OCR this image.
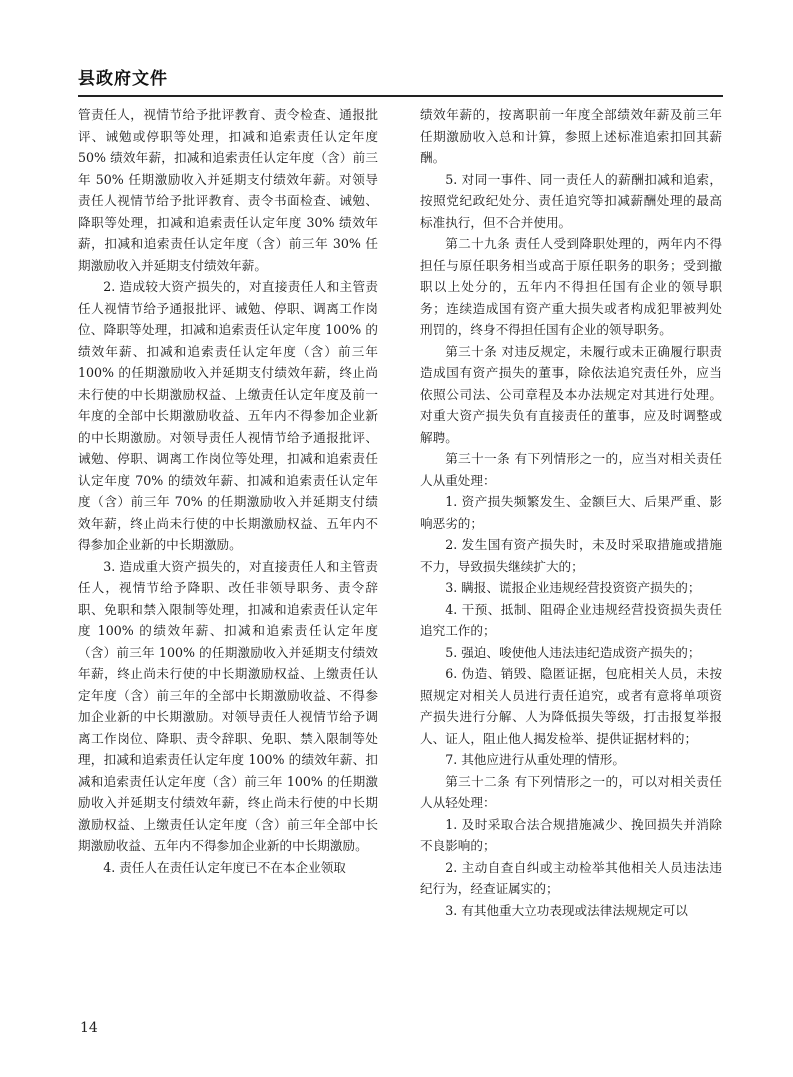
县政府文件

管责任人，视情节给予批评教育、责令检查、通报批评、诫勉或停职等处理，扣减和追索责任认定年度 50% 绩效年薪，扣减和追索责任认定年度（含）前三年 50% 任期激励收入并延期支付绩效年薪。对领导责任人视情节给予批评教育、责令书面检查、诫勉、降职等处理，扣减和追索责任认定年度 30% 绩效年薪，扣减和追索责任认定年度（含）前三年 30% 任期激励收入并延期支付绩效年薪。

2. 造成较大资产损失的，对直接责任人和主管责任人视情节给予通报批评、诫勉、停职、调离工作岗位、降职等处理，扣减和追索责任认定年度 100% 的绩效年薪、扣减和追索责任认定年度（含）前三年 100% 的任期激励收入并延期支付绩效年薪，终止尚未行使的中长期激励权益、上缴责任认定年度及前一年度的全部中长期激励收益、五年内不得参加企业新的中长期激励。对领导责任人视情节给予通报批评、诫勉、停职、调离工作岗位等处理，扣减和追索责任认定年度 70% 的绩效年薪、扣减和追索责任认定年度（含）前三年 70% 的任期激励收入并延期支付绩效年薪，终止尚未行使的中长期激励权益、五年内不得参加企业新的中长期激励。

3. 造成重大资产损失的，对直接责任人和主管责任人，视情节给予降职、改任非领导职务、责令辞职、免职和禁入限制等处理，扣减和追索责任认定年度 100% 的绩效年薪、扣减和追索责任认定年度（含）前三年 100% 的任期激励收入并延期支付绩效年薪，终止尚未行使的中长期激励权益、上缴责任认定年度（含）前三年的全部中长期激励收益、不得参加企业新的中长期激励。对领导责任人视情节给予调离工作岗位、降职、责令辞职、免职、禁入限制等处理，扣减和追索责任认定年度 100% 的绩效年薪、扣减和追索责任认定年度（含）前三年 100% 的任期激励收入并延期支付绩效年薪，终止尚未行使的中长期激励权益、上缴责任认定年度（含）前三年全部中长期激励收益、五年内不得参加企业新的中长期激励。

4. 责任人在责任认定年度已不在本企业领取

绩效年薪的，按离职前一年度全部绩效年薪及前三年任期激励收入总和计算，参照上述标准追索扣回其薪酬。

5. 对同一事件、同一责任人的薪酬扣减和追索，按照党纪政纪处分、责任追究等扣减薪酬处理的最高标准执行，但不合并使用。

第二十九条 责任人受到降职处理的，两年内不得担任与原任职务相当或高于原任职务的职务；受到撤职以上处分的，五年内不得担任国有企业的领导职务；连续造成国有资产重大损失或者构成犯罪被判处刑罚的，终身不得担任国有企业的领导职务。

第三十条 对违反规定，未履行或未正确履行职责造成国有资产损失的董事，除依法追究责任外，应当依照公司法、公司章程及本办法规定对其进行处理。对重大资产损失负有直接责任的董事，应及时调整或解聘。

第三十一条 有下列情形之一的，应当对相关责任人从重处理：

1. 资产损失频繁发生、金额巨大、后果严重、影响恶劣的；

2. 发生国有资产损失时，未及时采取措施或措施不力，导致损失继续扩大的；

3. 瞒报、谎报企业违规经营投资资产损失的；

4. 干预、抵制、阻碍企业违规经营投资损失责任追究工作的；

5. 强迫、唆使他人违法违纪造成资产损失的；

6. 伪造、销毁、隐匿证据，包庇相关人员，未按照规定对相关人员进行责任追究，或者有意将单项资产损失进行分解、人为降低损失等级，打击报复举报人、证人，阻止他人揭发检举、提供证据材料的；

7. 其他应进行从重处理的情形。

第三十二条 有下列情形之一的，可以对相关责任人从轻处理：

1. 及时采取合法合规措施减少、挽回损失并消除不良影响的；

2. 主动自查自纠或主动检举其他相关人员违法违纪行为，经查证属实的；

3. 有其他重大立功表现或法律法规规定可以

14
